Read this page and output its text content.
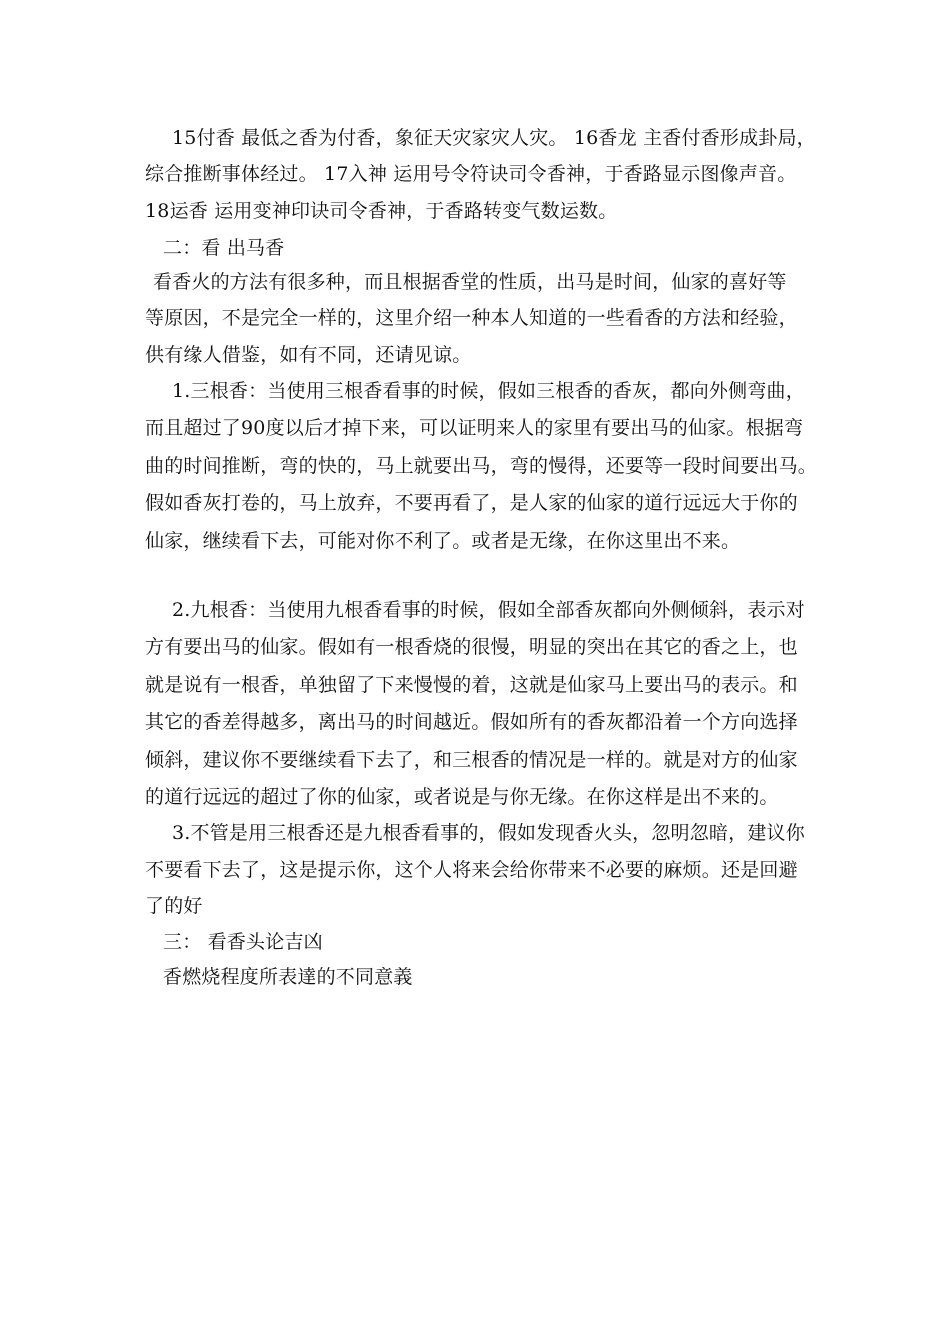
15付香 最低之香为付香，象征天灾家灾人灾。 16香龙 主香付香形成卦局，
综合推断事体经过。 17入神 运用号令符诀司令香神，于香路显示图像声音。
18运香 运用变神印诀司令香神，于香路转变气数运数。
二：看 出马香
看香火的方法有很多种，而且根据香堂的性质，出马是时间，仙家的喜好等
等原因，不是完全一样的，这里介绍一种本人知道的一些看香的方法和经验，
供有缘人借鉴，如有不同，还请见谅。
1.三根香：当使用三根香看事的时候，假如三根香的香灰，都向外侧弯曲，
而且超过了90度以后才掉下来，可以证明来人的家里有要出马的仙家。根据弯
曲的时间推断，弯的快的，马上就要出马，弯的慢得，还要等一段时间要出马。
假如香灰打卷的，马上放弃，不要再看了，是人家的仙家的道行远远大于你的
仙家，继续看下去，可能对你不利了。或者是无缘，在你这里出不来。
2.九根香：当使用九根香看事的时候，假如全部香灰都向外侧倾斜，表示对
方有要出马的仙家。假如有一根香烧的很慢，明显的突出在其它的香之上，也
就是说有一根香，单独留了下来慢慢的着，这就是仙家马上要出马的表示。和
其它的香差得越多，离出马的时间越近。假如所有的香灰都沿着一个方向选择
倾斜，建议你不要继续看下去了，和三根香的情况是一样的。就是对方的仙家
的道行远远的超过了你的仙家，或者说是与你无缘。在你这样是出不来的。
3.不管是用三根香还是九根香看事的，假如发现香火头，忽明忽暗，建议你
不要看下去了，这是提示你，这个人将来会给你带来不必要的麻烦。还是回避
了的好
三： 看香头论吉凶
香燃烧程度所表達的不同意義
